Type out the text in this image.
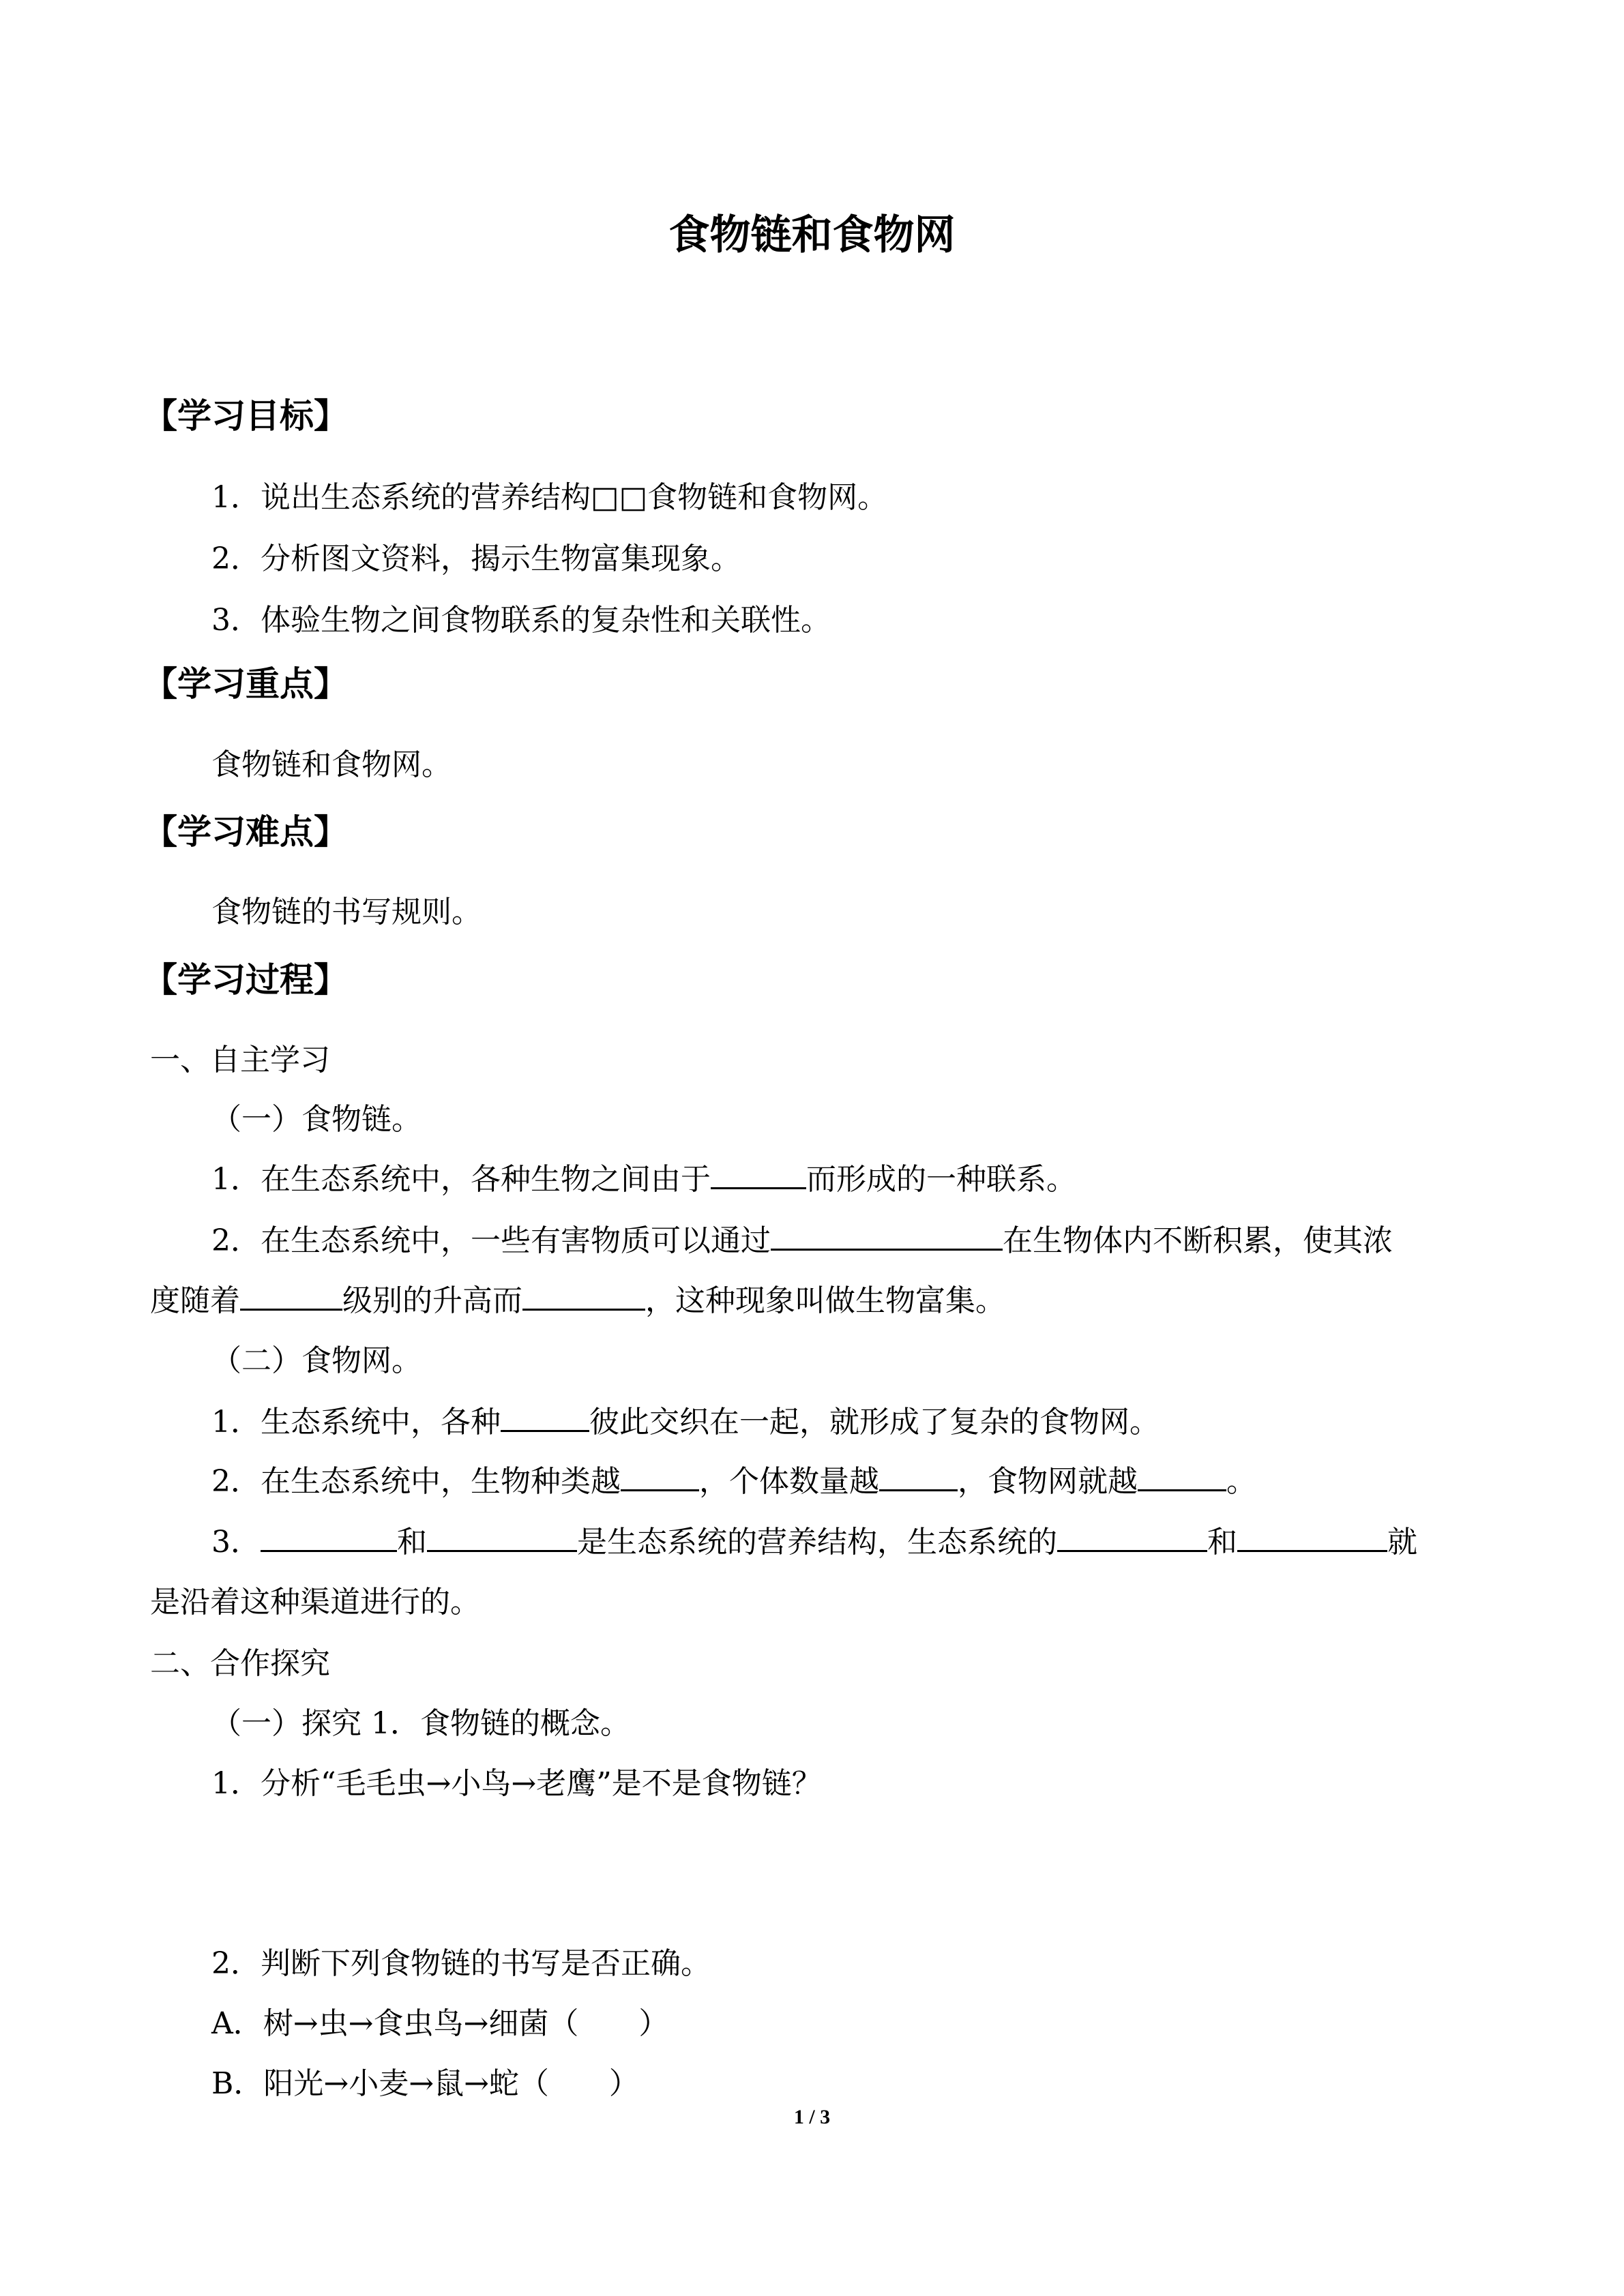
食物链和食物网
【学习目标】
1．说出生态系统的营养结构□□食物链和食物网。
2．分析图文资料，揭示生物富集现象。
3．体验生物之间食物联系的复杂性和关联性。
【学习重点】
食物链和食物网。
【学习难点】
食物链的书写规则。
【学习过程】
一、自主学习
（一）食物链。
1．在生态系统中，各种生物之间由于	而形成的一种联系。
2．在生态系统中，一些有害物质可以通过	在生物体内不断积累，使其浓
度随着	级别的升高而	，这种现象叫做生物富集。
（二）食物网。
1．生态系统中，各种	彼此交织在一起，就形成了复杂的食物网。
2．在生态系统中，生物种类越	，个体数量越	，食物网就越	。
3．	和	是生态系统的营养结构，生态系统的	和	就
是沿着这种渠道进行的。
二、合作探究
（一）探究 1．食物链的概念。
1．分析“毛毛虫→小鸟→老鹰”是不是食物链？
2．判断下列食物链的书写是否正确。
A．树→虫→食虫鸟→细菌（　　）
B．阳光→小麦→鼠→蛇（　　）
1 / 3
